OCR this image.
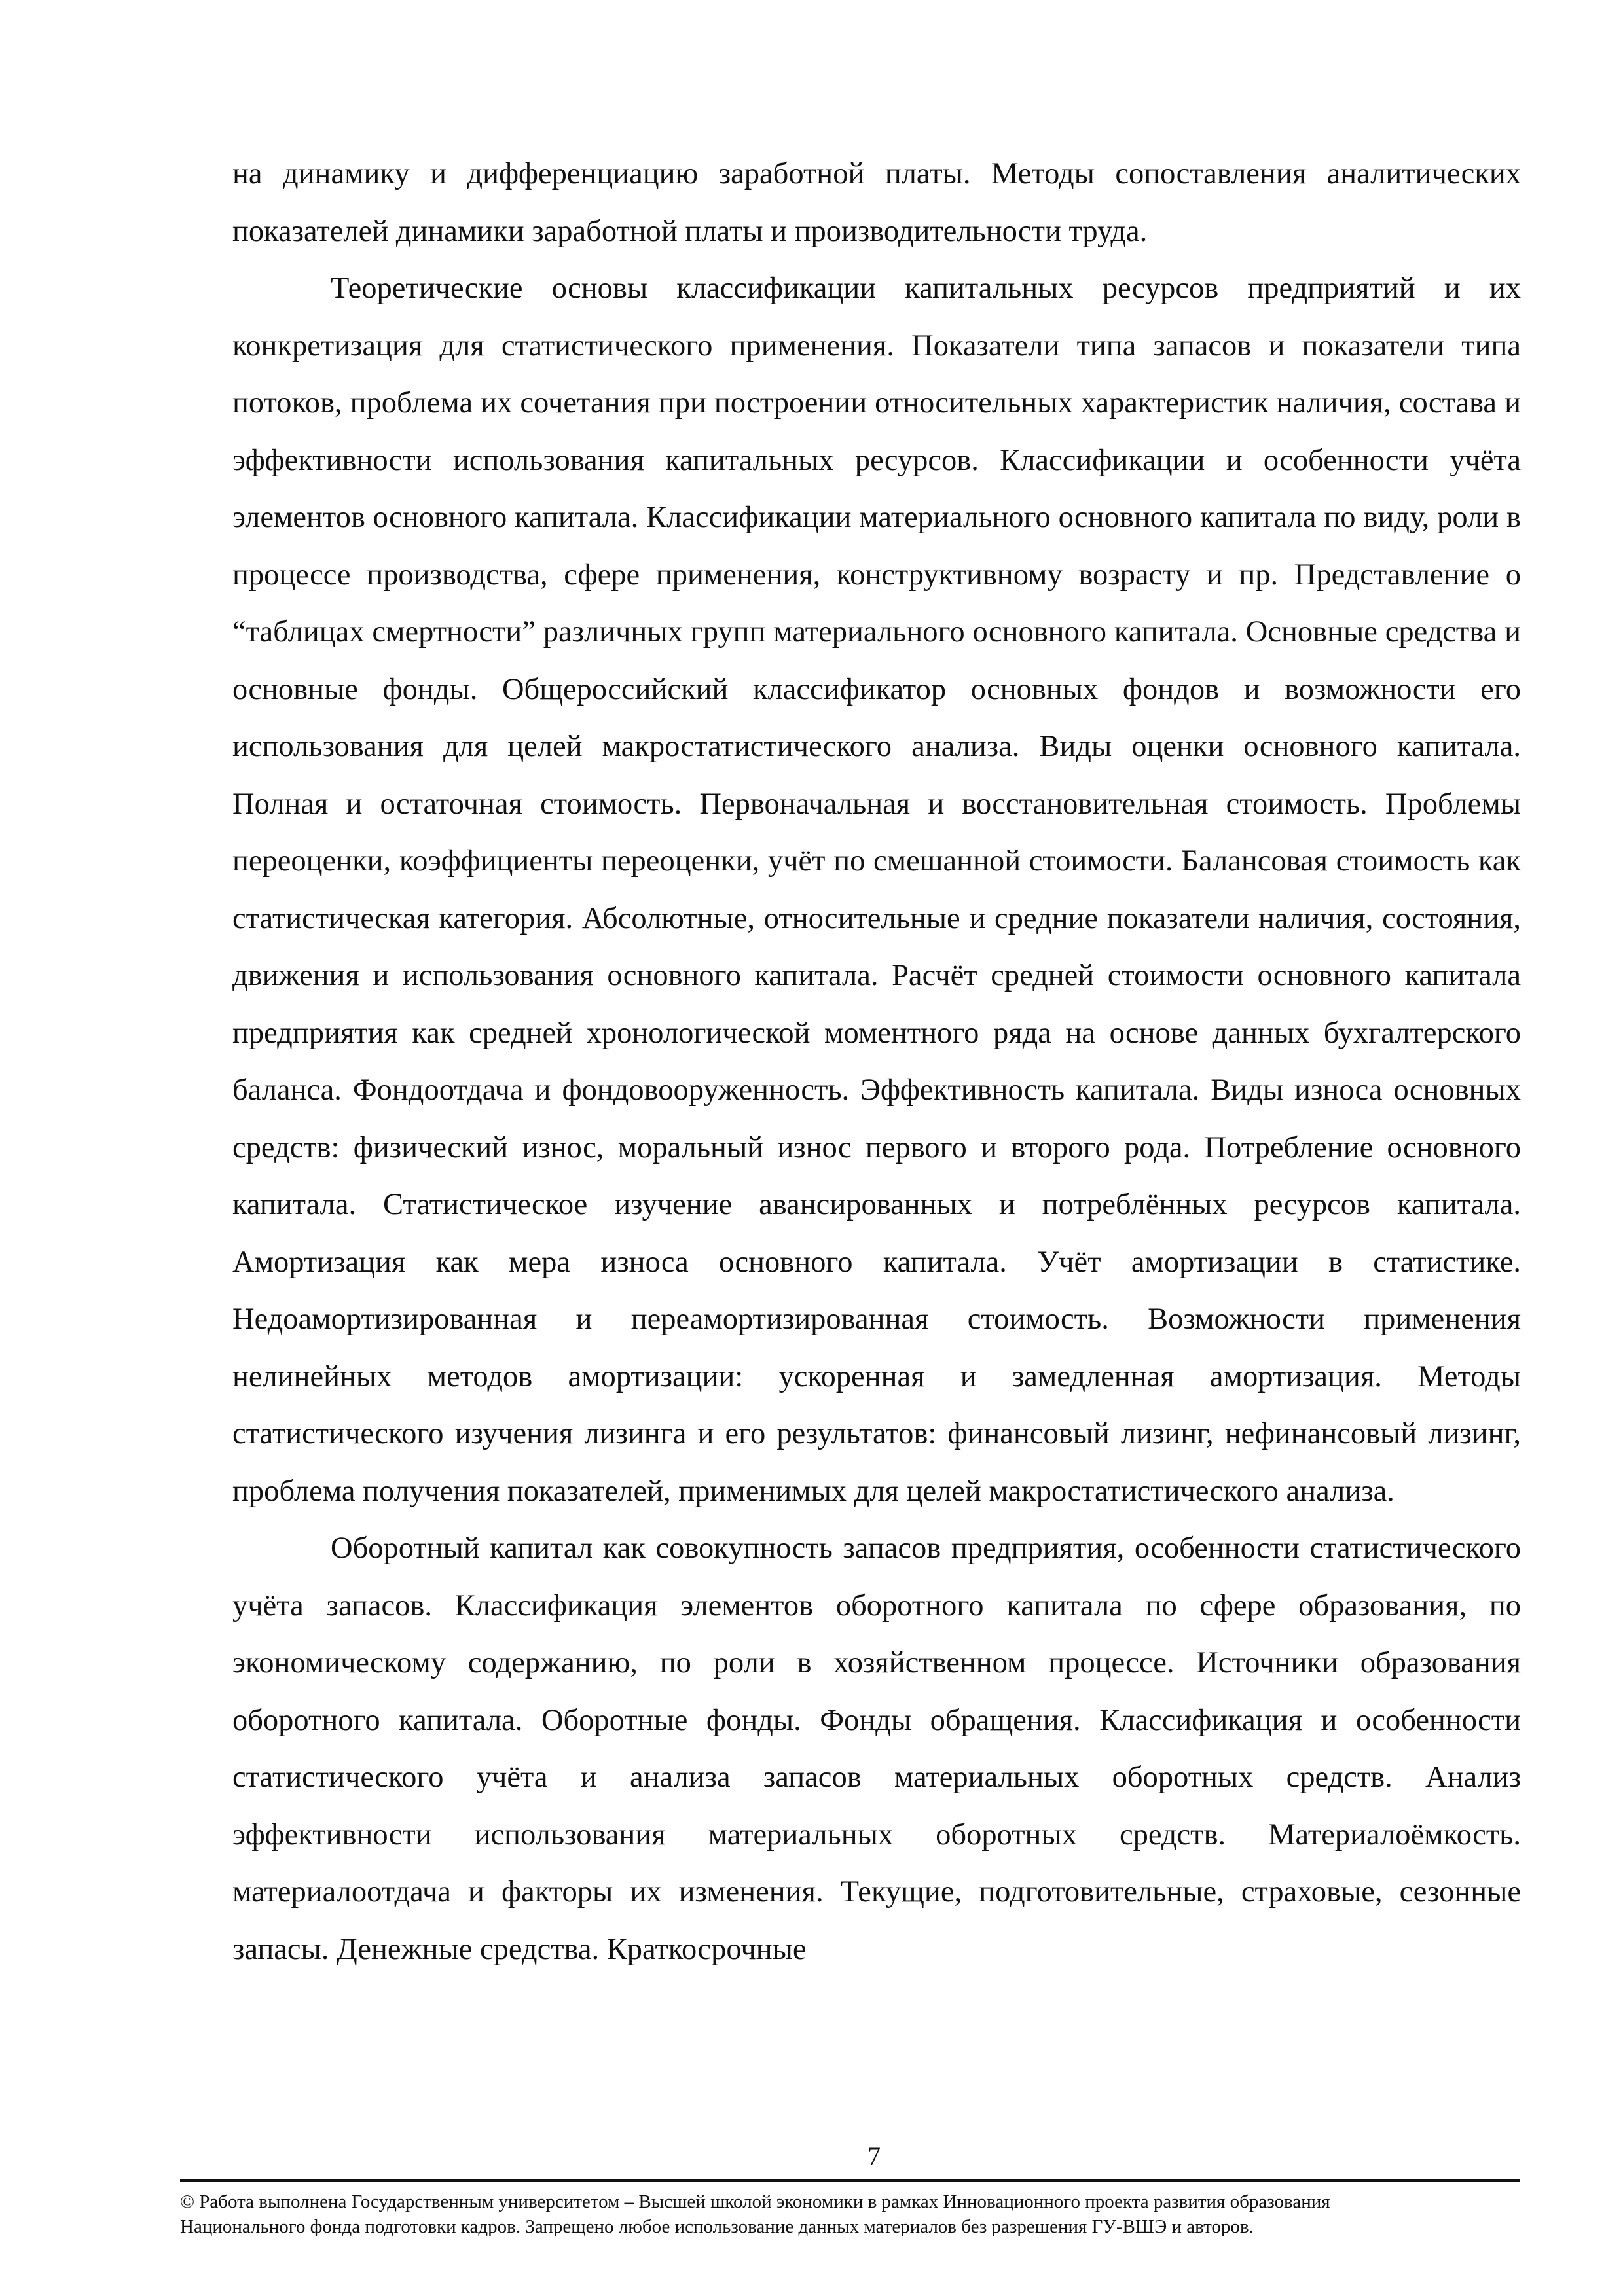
на динамику и дифференциацию заработной платы. Методы сопоставления аналитических показателей динамики заработной платы и производительности труда.

Теоретические основы классификации капитальных ресурсов предприятий и их конкретизация для статистического применения. Показатели типа запасов и показатели типа потоков, проблема их сочетания при построении относительных характеристик наличия, состава и эффективности использования капитальных ресурсов. Классификации и особенности учёта элементов основного капитала. Классификации материального основного капитала по виду, роли в процессе производства, сфере применения, конструктивному возрасту и пр. Представление о “таблицах смертности” различных групп материального основного капитала. Основные средства и основные фонды. Общероссийский классификатор основных фондов и возможности его использования для целей макростатистического анализа. Виды оценки основного капитала. Полная и остаточная стоимость. Первоначальная и восстановительная стоимость. Проблемы переоценки, коэффициенты переоценки, учёт по смешанной стоимости. Балансовая стоимость как статистическая категория. Абсолютные, относительные и средние показатели наличия, состояния, движения и использования основного капитала. Расчёт средней стоимости основного капитала предприятия как средней хронологической моментного ряда на основе данных бухгалтерского баланса. Фондоотдача и фондовооруженность. Эффективность капитала. Виды износа основных средств: физический износ, моральный износ первого и второго рода. Потребление основного капитала. Статистическое изучение авансированных и потреблённых ресурсов капитала. Амортизация как мера износа основного капитала. Учёт амортизации в статистике. Недоамортизированная и переамортизированная стоимость. Возможности применения нелинейных методов амортизации: ускоренная и замедленная амортизация. Методы статистического изучения лизинга и его результатов: финансовый лизинг, нефинансовый лизинг, проблема получения показателей, применимых для целей макростатистического анализа.

Оборотный капитал как совокупность запасов предприятия, особенности статистического учёта запасов. Классификация элементов оборотного капитала по сфере образования, по экономическому содержанию, по роли в хозяйственном процессе. Источники образования оборотного капитала. Оборотные фонды. Фонды обращения. Классификация и особенности статистического учёта и анализа запасов материальных оборотных средств. Анализ эффективности использования материальных оборотных средств. Материалоёмкость. материалоотдача и факторы их изменения. Текущие, подготовительные, страховые, сезонные запасы. Денежные средства. Краткосрочные

7
© Работа выполнена Государственным университетом – Высшей школой экономики в рамках Инновационного проекта развития образования
Национального фонда подготовки кадров. Запрещено любое использование данных материалов без разрешения ГУ-ВШЭ и авторов.
